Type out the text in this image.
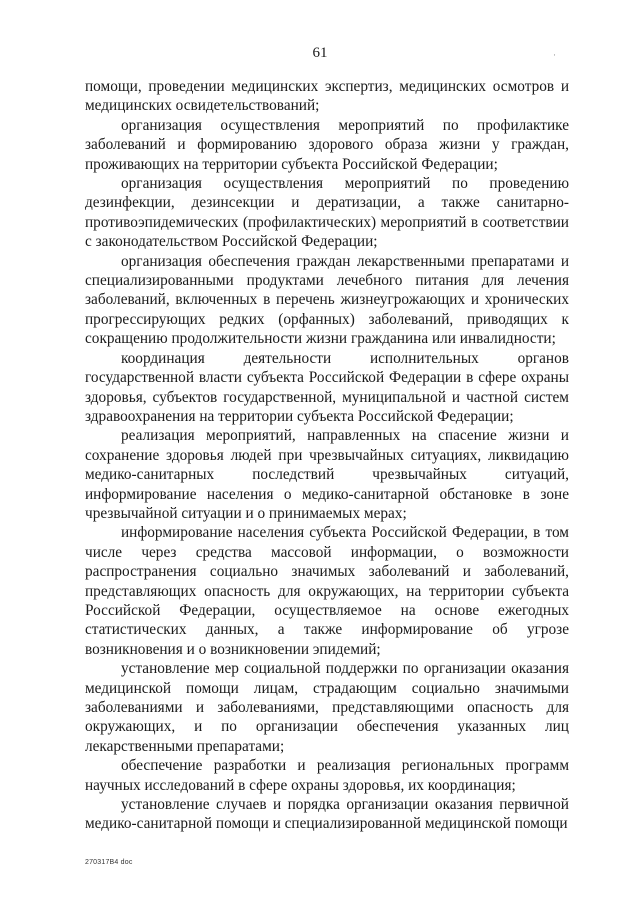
61	·

помощи, проведении медицинских экспертиз, медицинских осмотров и медицинских освидетельствований;

организация осуществления мероприятий по профилактике заболеваний и формированию здорового образа жизни у граждан, проживающих на территории субъекта Российской Федерации;

организация осуществления мероприятий по проведению дезинфекции, дезинсекции и дератизации, а также санитарно-противоэпидемических (профилактических) мероприятий в соответствии с законодательством Российской Федерации;

организация обеспечения граждан лекарственными препаратами и специализированными продуктами лечебного питания для лечения заболеваний, включенных в перечень жизнеугрожающих и хронических прогрессирующих редких (орфанных) заболеваний, приводящих к сокращению продолжительности жизни гражданина или инвалидности;

координация деятельности исполнительных органов государственной власти субъекта Российской Федерации в сфере охраны здоровья, субъектов государственной, муниципальной и частной систем здравоохранения на территории субъекта Российской Федерации;

реализация мероприятий, направленных на спасение жизни и сохранение здоровья людей при чрезвычайных ситуациях, ликвидацию медико-санитарных последствий чрезвычайных ситуаций, информирование населения о медико-санитарной обстановке в зоне чрезвычайной ситуации и о принимаемых мерах;

информирование населения субъекта Российской Федерации, в том числе через средства массовой информации, о возможности распространения социально значимых заболеваний и заболеваний, представляющих опасность для окружающих, на территории субъекта Российской Федерации, осуществляемое на основе ежегодных статистических данных, а также информирование об угрозе возникновения и о возникновении эпидемий;

установление мер социальной поддержки по организации оказания медицинской помощи лицам, страдающим социально значимыми заболеваниями и заболеваниями, представляющими опасность для окружающих, и по организации обеспечения указанных лиц лекарственными препаратами;

обеспечение разработки и реализация региональных программ научных исследований в сфере охраны здоровья, их координация;

установление случаев и порядка организации оказания первичной медико-санитарной помощи и специализированной медицинской помощи

270317B4 doc
